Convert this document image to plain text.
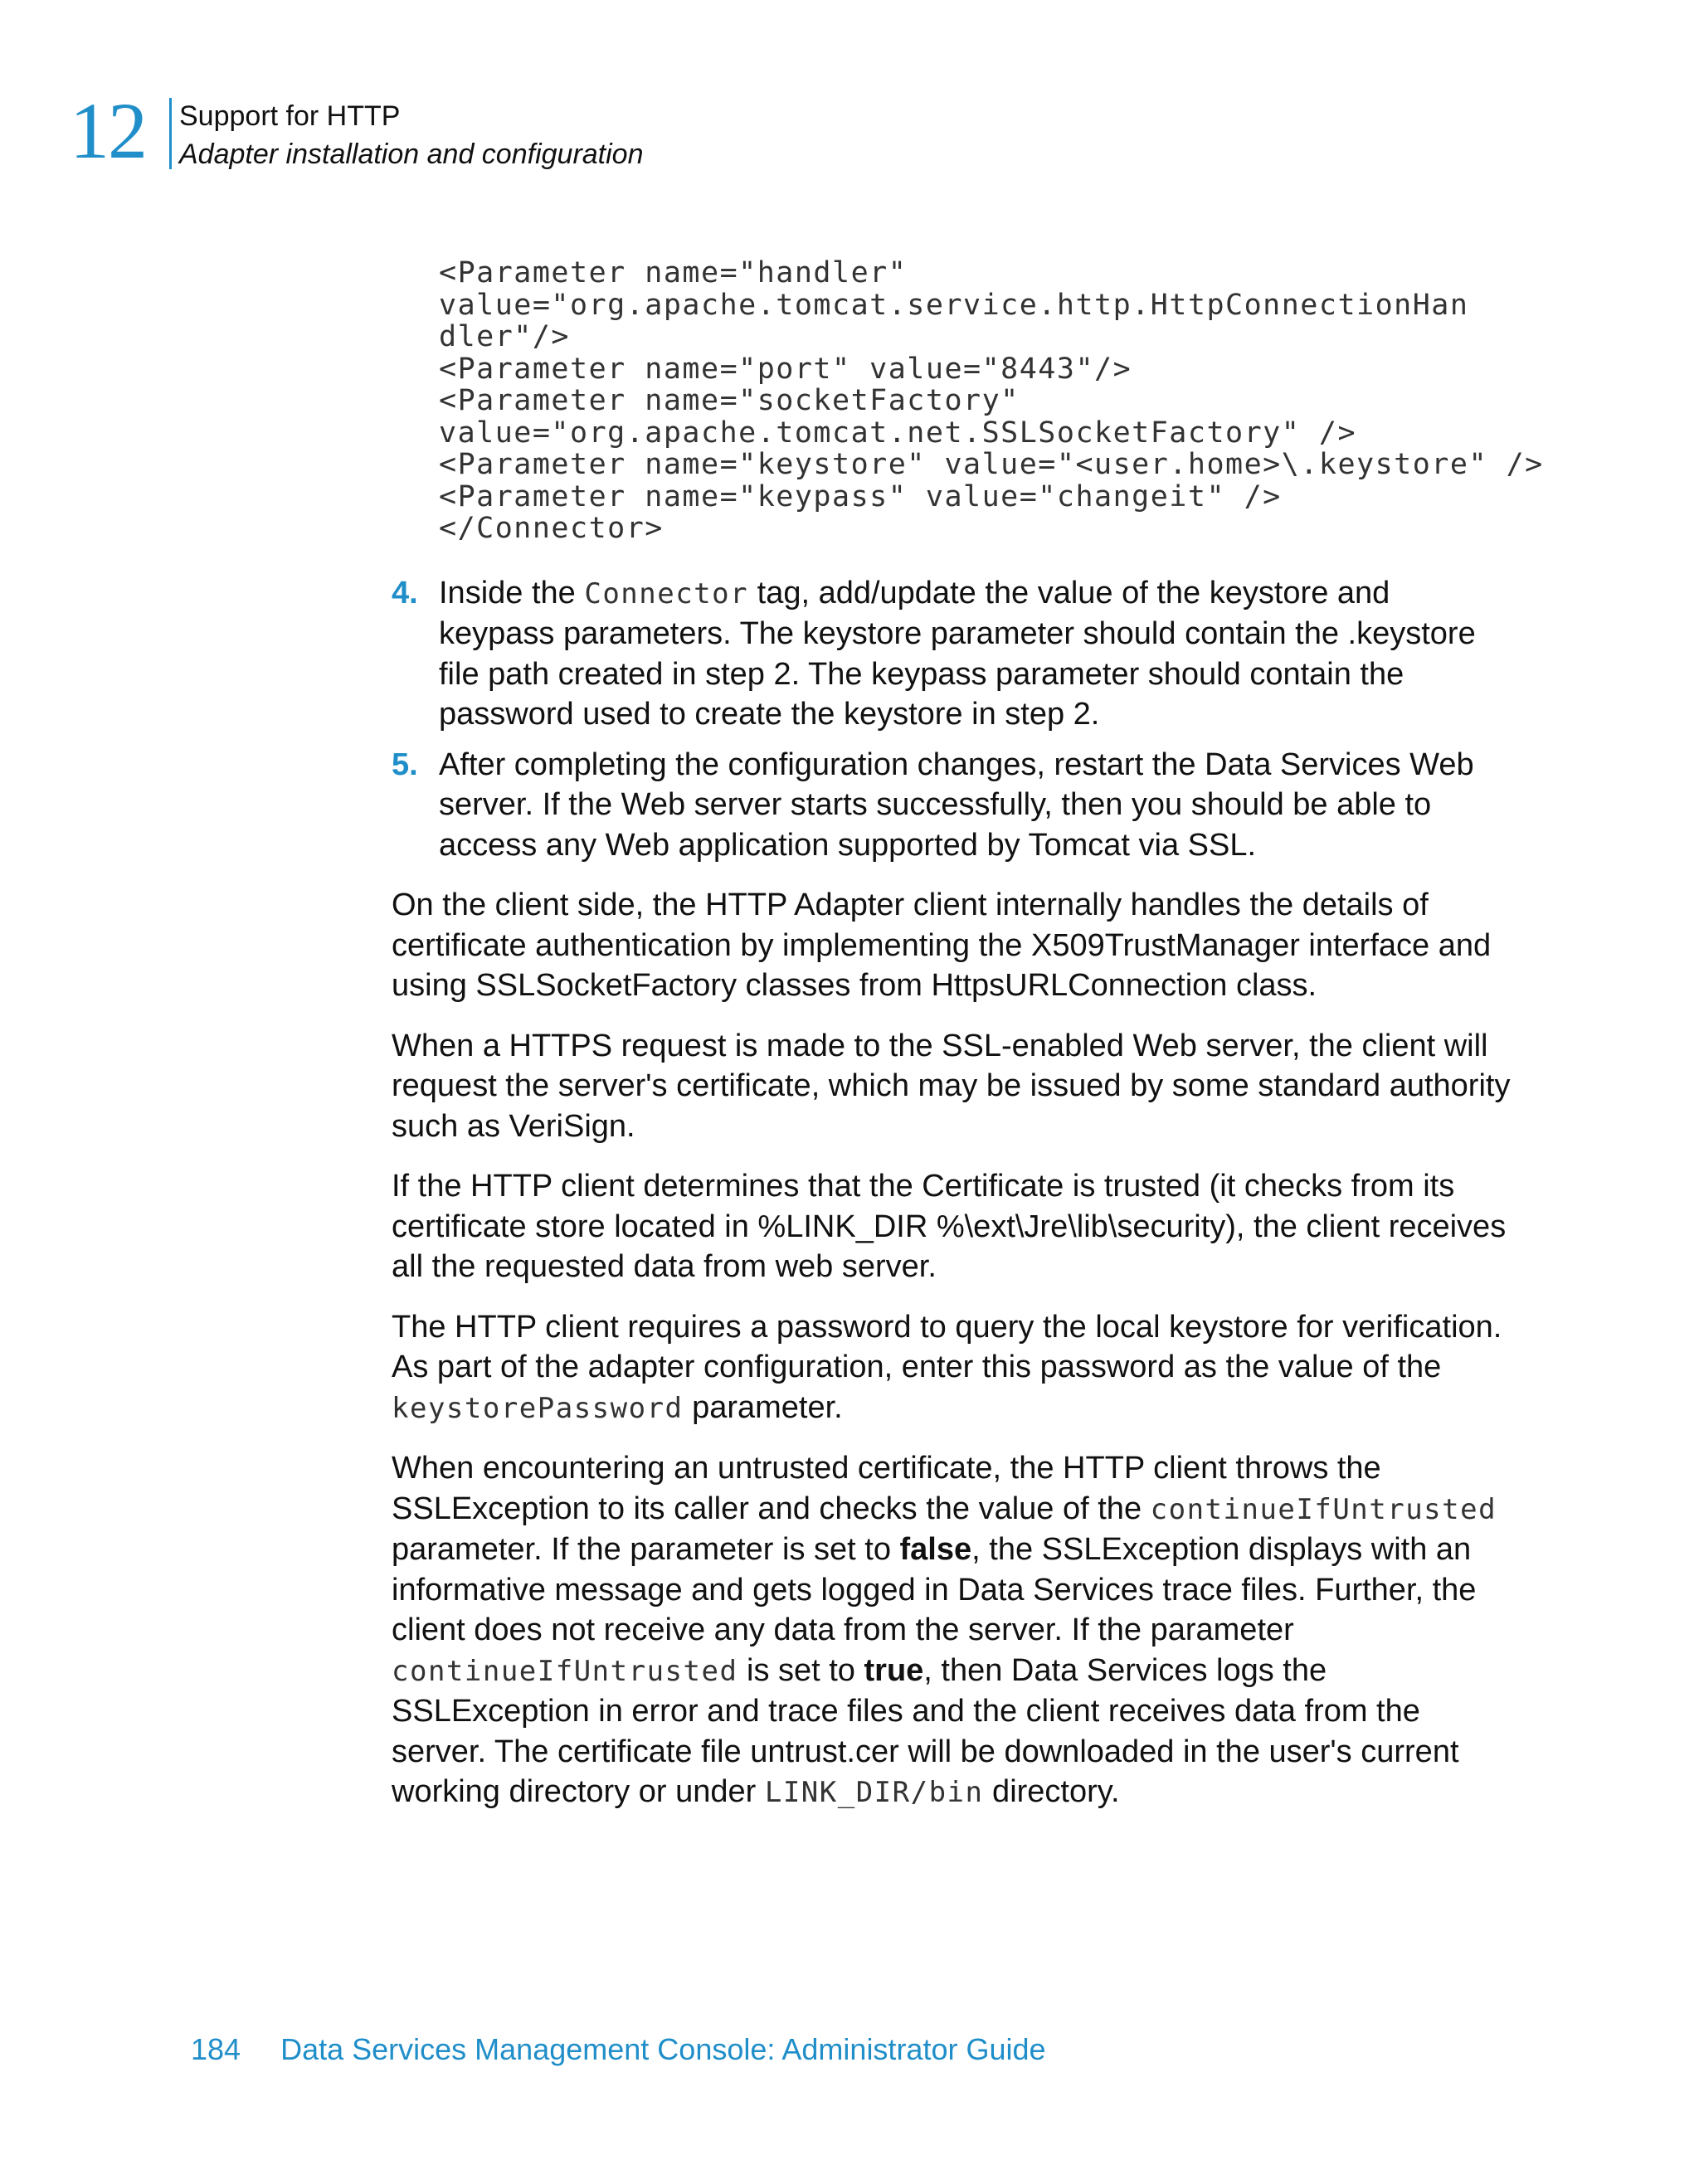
12 Support for HTTP
Adapter installation and configuration
<Parameter name="handler"
value="org.apache.tomcat.service.http.HttpConnectionHan
dler"/>
<Parameter name="port" value="8443"/>
<Parameter name="socketFactory"
value="org.apache.tomcat.net.SSLSocketFactory" />
<Parameter name="keystore" value="<user.home>\.keystore" />
<Parameter name="keypass" value="changeit" />
</Connector>
4. Inside the Connector tag, add/update the value of the keystore and keypass parameters. The keystore parameter should contain the .keystore file path created in step 2. The keypass parameter should contain the password used to create the keystore in step 2.
5. After completing the configuration changes, restart the Data Services Web server. If the Web server starts successfully, then you should be able to access any Web application supported by Tomcat via SSL.

On the client side, the HTTP Adapter client internally handles the details of certificate authentication by implementing the X509TrustManager interface and using SSLSocketFactory classes from HttpsURLConnection class.

When a HTTPS request is made to the SSL-enabled Web server, the client will request the server's certificate, which may be issued by some standard authority such as VeriSign.

If the HTTP client determines that the Certificate is trusted (it checks from its certificate store located in %LINK_DIR %\ext\Jre\lib\security), the client receives all the requested data from web server.

The HTTP client requires a password to query the local keystore for verification. As part of the adapter configuration, enter this password as the value of the keystorePassword parameter.

When encountering an untrusted certificate, the HTTP client throws the SSLException to its caller and checks the value of the continueIfUntrusted parameter. If the parameter is set to false, the SSLException displays with an informative message and gets logged in Data Services trace files. Further, the client does not receive any data from the server. If the parameter continueIfUntrusted is set to true, then Data Services logs the SSLException in error and trace files and the client receives data from the server. The certificate file untrust.cer will be downloaded in the user's current working directory or under LINK_DIR/bin directory.

184 Data Services Management Console: Administrator Guide
